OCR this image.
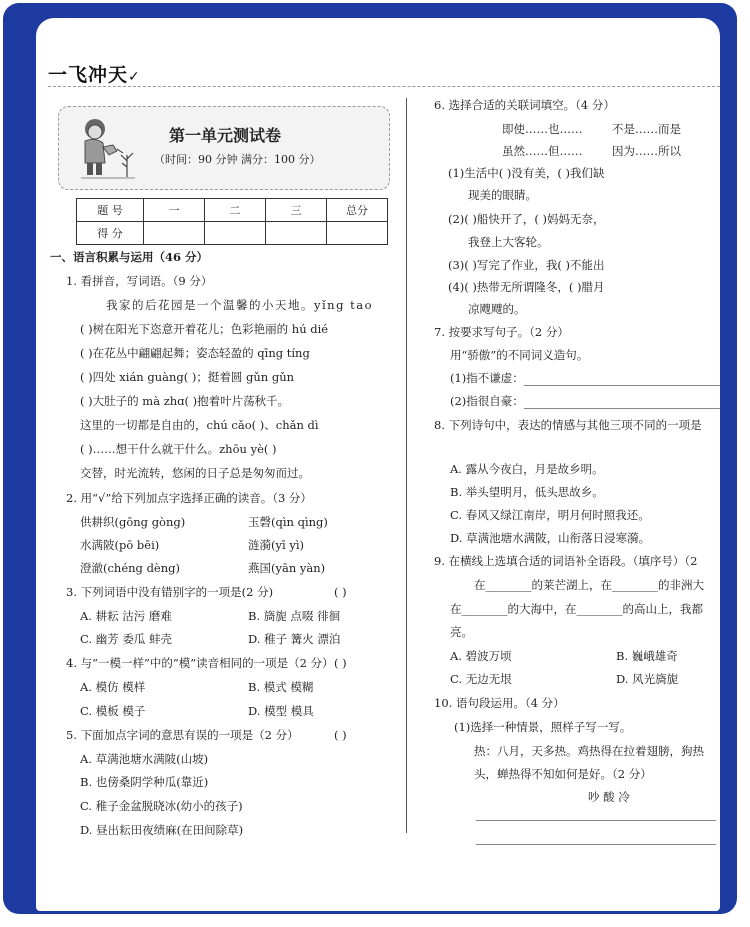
一飞冲天✓
第一单元测试卷
（时间：90 分钟 满分：100 分）
题 号	一	二	三	总分
得 分				
一、语言积累与运用（46 分）
1. 看拼音，写词语。（9 分）
我家的后花园是一个温馨的小天地。yǐng tao
( )树在阳光下恣意开着花儿；色彩艳丽的 hú dié
( )在花丛中翩翩起舞；姿态轻盈的 qīng tíng
( )四处 xián guàng( )；挺着圆 gǔn gǔn
( )大肚子的 mà zhɑ( )抱着叶片荡秋千。
这里的一切都是自由的，chú cǎo( )、chǎn dì
( )……想干什么就干什么。zhōu yè( )
交替，时光流转，悠闲的日子总是匆匆而过。
2. 用“√”给下列加点字选择正确的读音。（3 分）
供耕织(gōng gòng)	玉磬(qìn qìng)
水满陂(pō bēi)	涟漪(yī yì)
澄澈(chéng dèng)	燕国(yān yàn)
3. 下列词语中没有错别字的一项是(2 分)	( )
A. 耕耘 沽污 磨难	B. 旖旎 点啜 徘徊
C. 幽芳 委瓜 蚌壳	D. 稚子 篝火 漂泊
4. 与“一模一样”中的“模”读音相同的一项是（2 分） ( )
A. 模仿 模样	B. 模式 模糊
C. 模板 模子	D. 模型 模具
5. 下面加点字词的意思有误的一项是（2 分）	( )
A. 草满池塘水满陂(山坡)
B. 也傍桑阴学种瓜(靠近)
C. 稚子金盆脱晓冰(幼小的孩子)
D. 昼出耘田夜绩麻(在田间除草)
6. 选择合适的关联词填空。（4 分）
即使……也……	不是……而是
虽然……但……	因为……所以
(1)生活中( )没有美，( )我们缺
现美的眼睛。
(2)( )船快开了，( )妈妈无奈，
我登上大客轮。
(3)( )写完了作业，我( )不能出
(4)( )热带无所谓隆冬，( )腊月
凉飕飕的。
7. 按要求写句子。（2 分）
用“骄傲”的不同词义造句。
(1)指不谦虚：
(2)指很自豪：
8. 下列诗句中，表达的情感与其他三项不同的一项是
A. 露从今夜白，月是故乡明。
B. 举头望明月，低头思故乡。
C. 春风又绿江南岸，明月何时照我还。
D. 草满池塘水满陂，山衔落日浸寒漪。
9. 在横线上选填合适的词语补全语段。（填序号）（2
在________的莱芒湖上，在________的非洲大
在________的大海中，在________的高山上，我都
亮。
A. 碧波万顷	B. 巍峨雄奇
C. 无边无垠	D. 风光旖旎
10. 语句段运用。（4 分）
(1)选择一种情景，照样子写一写。
热：八月，天多热。鸡热得在拉着翅膀，狗热
头，蝉热得不知如何是好。（2 分）
吵 酸 冷
